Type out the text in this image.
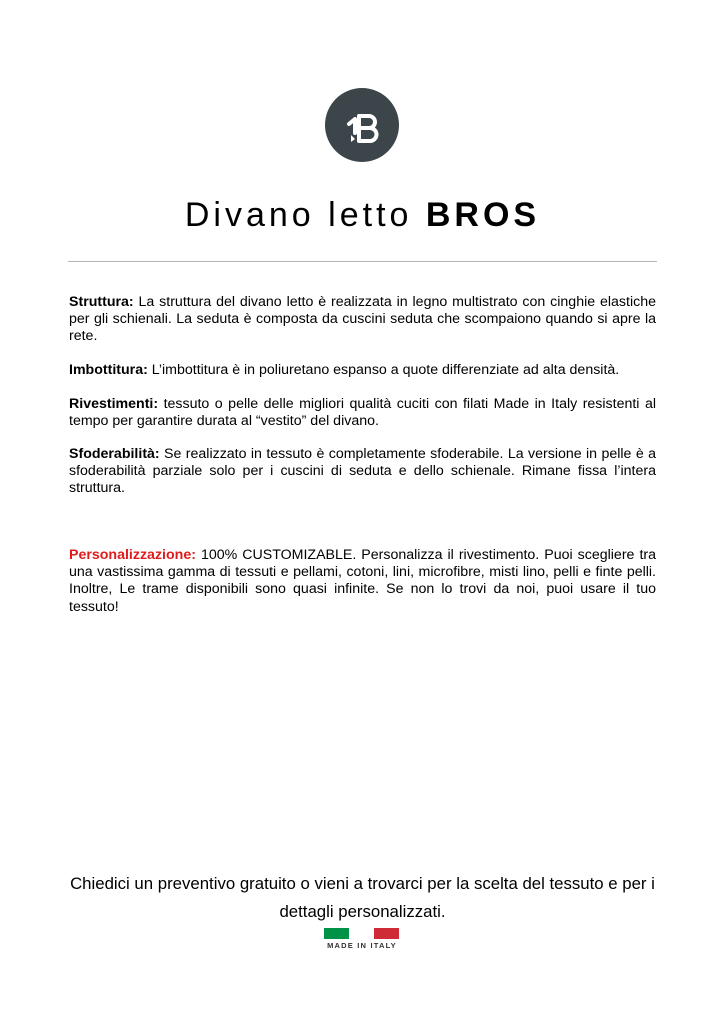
Divano letto BROS
Struttura: La struttura del divano letto è realizzata in legno multistrato con cinghie elastiche per gli schienali. La seduta è composta da cuscini seduta che scompaiono quando si apre la rete.
Imbottitura: L’imbottitura è in poliuretano espanso a quote differenziate ad alta densità.
Rivestimenti: tessuto o pelle delle migliori qualità cuciti con filati Made in Italy resistenti al tempo per garantire durata al “vestito” del divano.
Sfoderabilità: Se realizzato in tessuto è completamente sfoderabile. La versione in pelle è a sfoderabilità parziale solo per i cuscini di seduta e dello schienale. Rimane fissa l’intera struttura.
Personalizzazione: 100% CUSTOMIZABLE. Personalizza il rivestimento. Puoi scegliere tra una vastissima gamma di tessuti e pellami, cotoni, lini, microfibre, misti lino, pelli e finte pelli. Inoltre, Le trame disponibili sono quasi infinite. Se non lo trovi da noi, puoi usare il tuo tessuto!
Chiedici un preventivo gratuito o vieni a trovarci per la scelta del tessuto e per i dettagli personalizzati.
MADE IN ITALY
